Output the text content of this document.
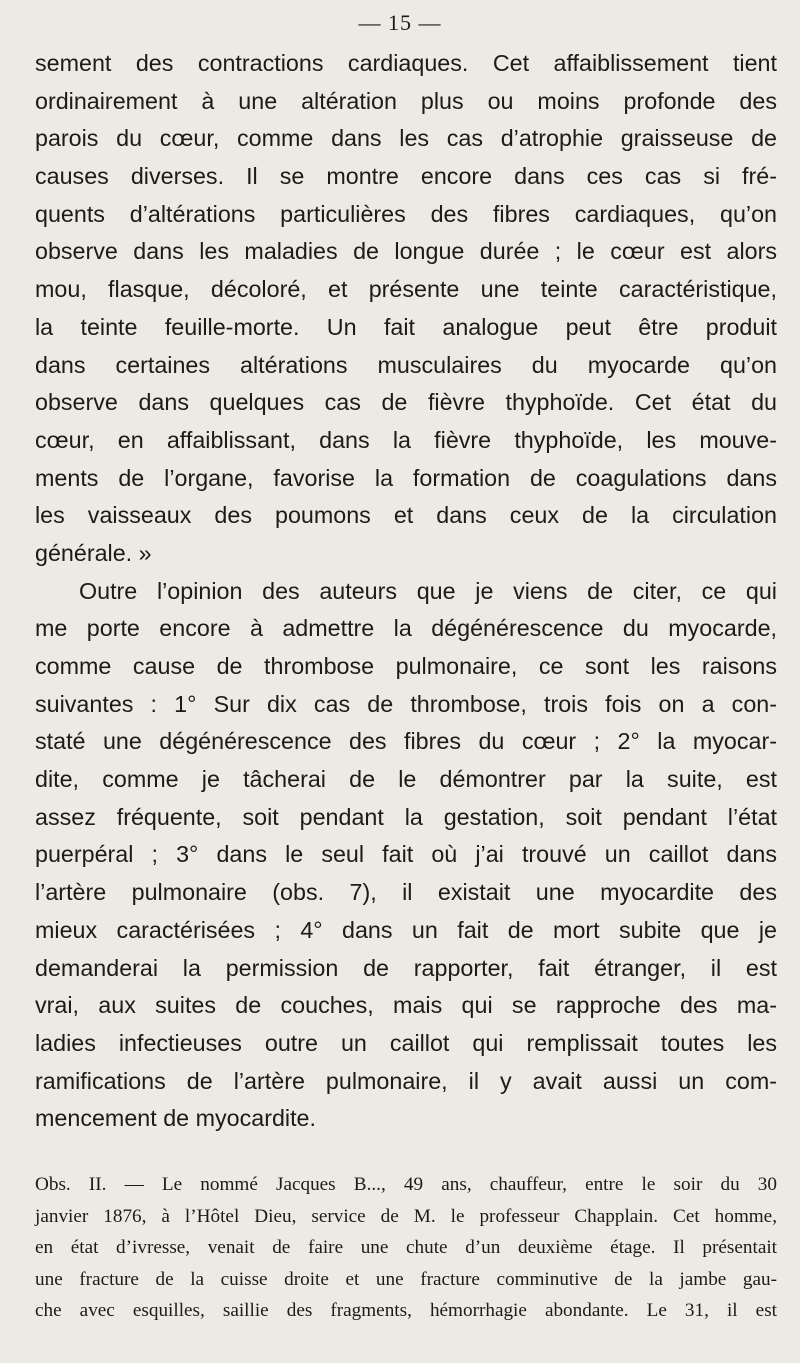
— 15 —
sement des contractions cardiaques. Cet affaiblissement tient
ordinairement à une altération plus ou moins profonde des
parois du cœur, comme dans les cas d’atrophie graisseuse de
causes diverses. Il se montre encore dans ces cas si fré-
quents d’altérations particulières des fibres cardiaques, qu’on
observe dans les maladies de longue durée ; le cœur est alors
mou, flasque, décoloré, et présente une teinte caractéristique,
la teinte feuille-morte. Un fait analogue peut être produit
dans certaines altérations musculaires du myocarde qu’on
observe dans quelques cas de fièvre thyphoïde. Cet état du
cœur, en affaiblissant, dans la fièvre thyphoïde, les mouve-
ments de l’organe, favorise la formation de coagulations dans
les vaisseaux des poumons et dans ceux de la circulation
générale. »
Outre l’opinion des auteurs que je viens de citer, ce qui
me porte encore à admettre la dégénérescence du myocarde,
comme cause de thrombose pulmonaire, ce sont les raisons
suivantes : 1° Sur dix cas de thrombose, trois fois on a con-
staté une dégénérescence des fibres du cœur ; 2° la myocar-
dite, comme je tâcherai de le démontrer par la suite, est
assez fréquente, soit pendant la gestation, soit pendant l’état
puerpéral ; 3° dans le seul fait où j’ai trouvé un caillot dans
l’artère pulmonaire (obs. 7), il existait une myocardite des
mieux caractérisées ; 4° dans un fait de mort subite que je
demanderai la permission de rapporter, fait étranger, il est
vrai, aux suites de couches, mais qui se rapproche des ma-
ladies infectieuses outre un caillot qui remplissait toutes les
ramifications de l’artère pulmonaire, il y avait aussi un com-
mencement de myocardite.
Obs. II. — Le nommé Jacques B..., 49 ans, chauffeur, entre le soir du 30
janvier 1876, à l’Hôtel Dieu, service de M. le professeur Chapplain. Cet homme,
en état d’ivresse, venait de faire une chute d’un deuxième étage. Il présentait
une fracture de la cuisse droite et une fracture comminutive de la jambe gau-
che avec esquilles, saillie des fragments, hémorrhagie abondante. Le 31, il est
